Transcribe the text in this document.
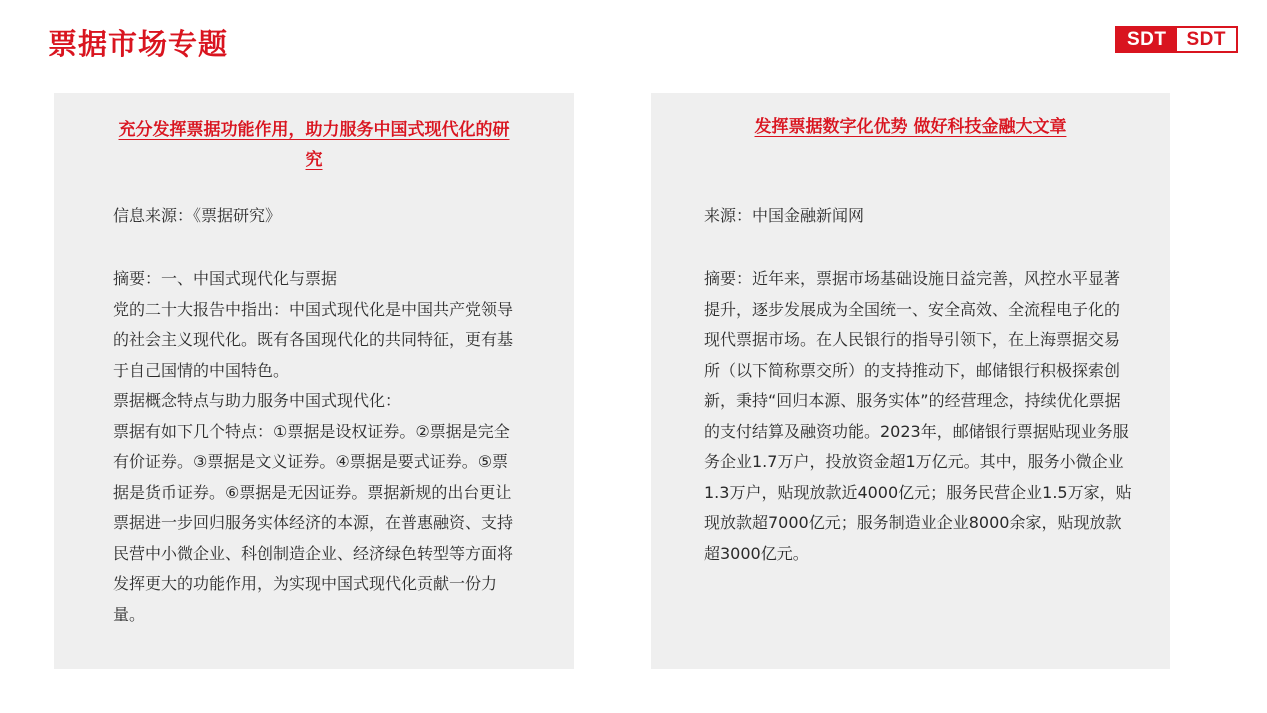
票据市场专题	SDT	SDT
充分发挥票据功能作用，助力服务中国式现代化的研究
信息来源：《票据研究》

摘要：一、中国式现代化与票据

党的二十大报告中指出：中国式现代化是中国共产党领导的社会主义现代化。既有各国现代化的共同特征，更有基于自己国情的中国特色。

票据概念特点与助力服务中国式现代化：

票据有如下几个特点：①票据是设权证券。②票据是完全有价证券。③票据是文义证券。④票据是要式证券。⑤票据是货币证券。⑥票据是无因证券。票据新规的出台更让票据进一步回归服务实体经济的本源，在普惠融资、支持民营中小微企业、科创制造企业、经济绿色转型等方面将发挥更大的功能作用，为实现中国式现代化贡献一份力量。

发挥票据数字化优势 做好科技金融大文章
来源：中国金融新闻网

摘要：近年来，票据市场基础设施日益完善，风控水平显著提升，逐步发展成为全国统一、安全高效、全流程电子化的现代票据市场。在人民银行的指导引领下，在上海票据交易所（以下简称票交所）的支持推动下，邮储银行积极探索创新，秉持“回归本源、服务实体”的经营理念，持续优化票据的支付结算及融资功能。2023年，邮储银行票据贴现业务服务企业1.7万户，投放资金超1万亿元。其中，服务小微企业1.3万户，贴现放款近4000亿元；服务民营企业1.5万家，贴现放款超7000亿元；服务制造业企业8000余家，贴现放款超3000亿元。
